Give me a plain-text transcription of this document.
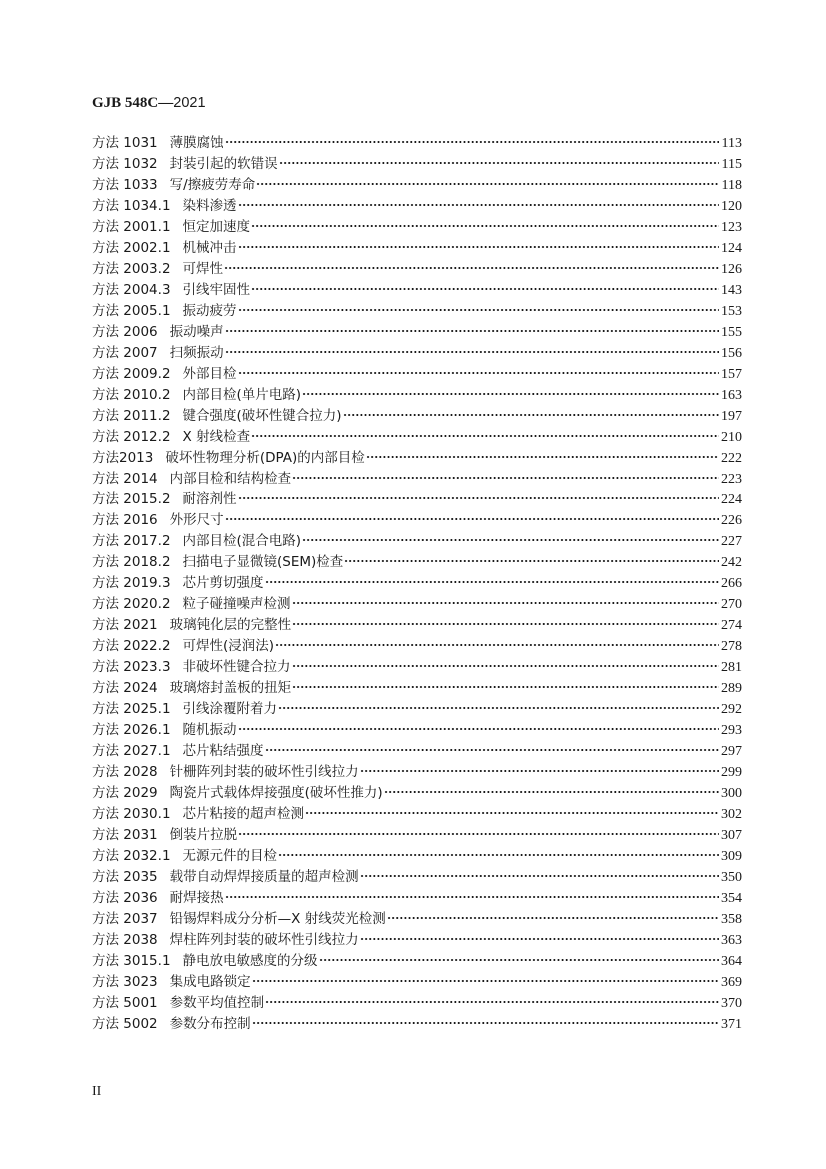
GJB 548C—2021
方法 1031 薄膜腐蚀	113
方法 1032 封装引起的软错误	115
方法 1033 写/擦疲劳寿命	118
方法 1034.1 染料渗透	120
方法 2001.1 恒定加速度	123
方法 2002.1 机械冲击	124
方法 2003.2 可焊性	126
方法 2004.3 引线牢固性	143
方法 2005.1 振动疲劳	153
方法 2006 振动噪声	155
方法 2007 扫频振动	156
方法 2009.2 外部目检	157
方法 2010.2 内部目检(单片电路)	163
方法 2011.2 键合强度(破坏性键合拉力)	197
方法 2012.2 X 射线检查	210
方法2013 破坏性物理分析(DPA)的内部目检	222
方法 2014 内部目检和结构检查	223
方法 2015.2 耐溶剂性	224
方法 2016 外形尺寸	226
方法 2017.2 内部目检(混合电路)	227
方法 2018.2 扫描电子显微镜(SEM)检查	242
方法 2019.3 芯片剪切强度	266
方法 2020.2 粒子碰撞噪声检测	270
方法 2021 玻璃钝化层的完整性	274
方法 2022.2 可焊性(浸润法)	278
方法 2023.3 非破坏性键合拉力	281
方法 2024 玻璃熔封盖板的扭矩	289
方法 2025.1 引线涂覆附着力	292
方法 2026.1 随机振动	293
方法 2027.1 芯片粘结强度	297
方法 2028 针栅阵列封装的破坏性引线拉力	299
方法 2029 陶瓷片式载体焊接强度(破坏性推力)	300
方法 2030.1 芯片粘接的超声检测	302
方法 2031 倒装片拉脱	307
方法 2032.1 无源元件的目检	309
方法 2035 载带自动焊焊接质量的超声检测	350
方法 2036 耐焊接热	354
方法 2037 铅锡焊料成分分析—X 射线荧光检测	358
方法 2038 焊柱阵列封装的破坏性引线拉力	363
方法 3015.1 静电放电敏感度的分级	364
方法 3023 集成电路锁定	369
方法 5001 参数平均值控制	370
方法 5002 参数分布控制	371
II
